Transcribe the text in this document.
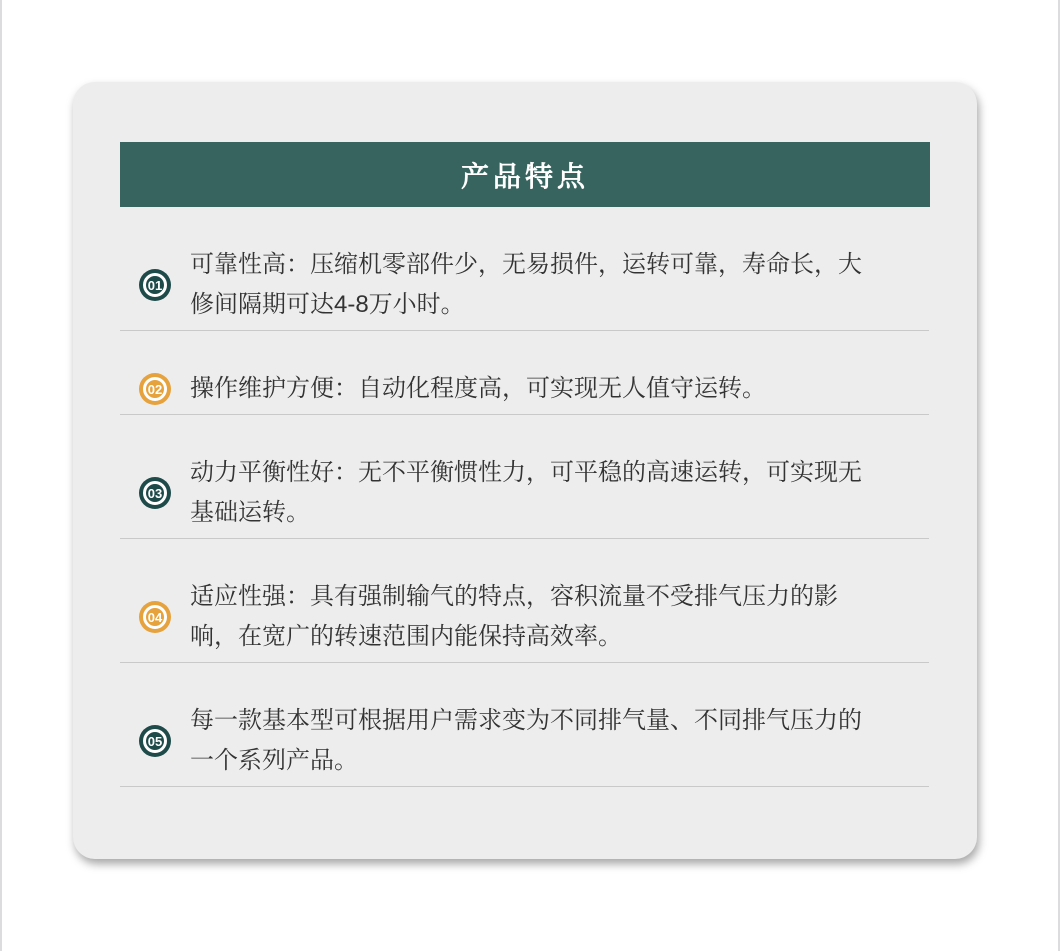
产品特点
01

可靠性高：压缩机零部件少，无易损件，运转可靠，寿命长，大修间隔期可达4-8万小时。

02 操作维护方便：自动化程度高，可实现无人值守运转。

03

动力平衡性好：无不平衡惯性力，可平稳的高速运转，可实现无基础运转。

04

适应性强：具有强制输气的特点，容积流量不受排气压力的影响，在宽广的转速范围内能保持高效率。

05

每一款基本型可根据用户需求变为不同排气量、不同排气压力的一个系列产品。
